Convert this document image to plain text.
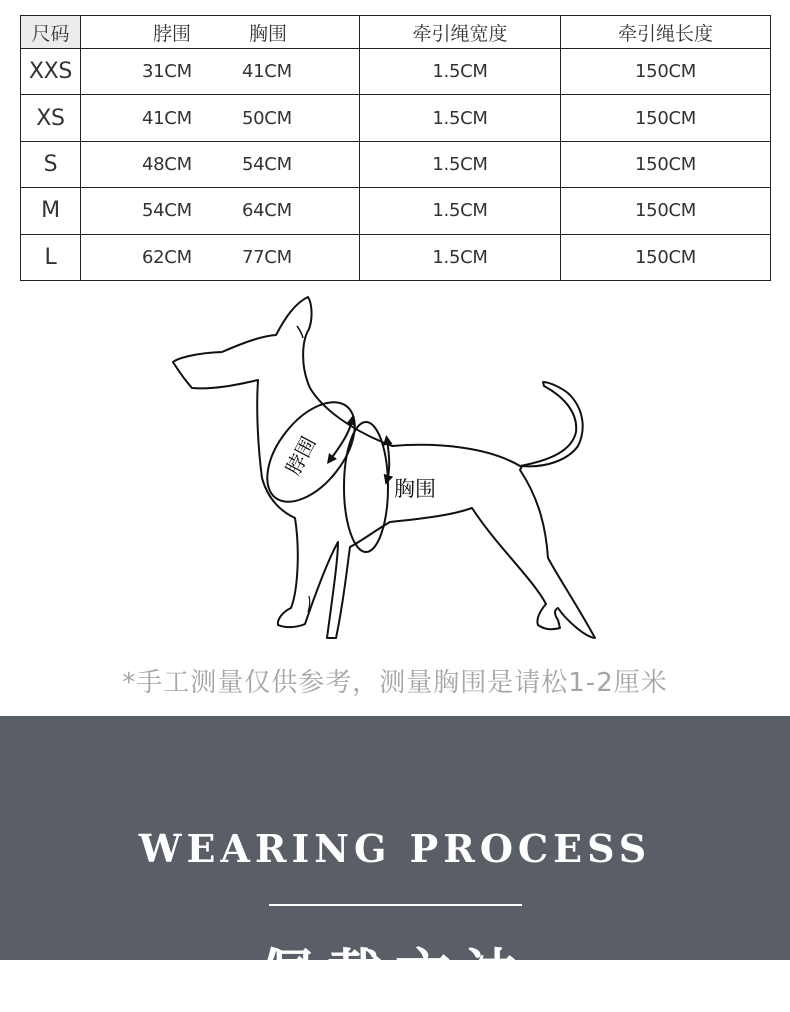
尺码	脖围 胸围	牵引绳宽度	牵引绳长度
XXS	31CM 41CM	1.5CM	150CM
XS	41CM 50CM	1.5CM	150CM
S	48CM 54CM	1.5CM	150CM
M	54CM 64CM	1.5CM	150CM
L	62CM 77CM	1.5CM	150CM
脖围
胸围
*手工测量仅供参考，测量胸围是请松1-2厘米
WEARING PROCESS
佩戴方法
